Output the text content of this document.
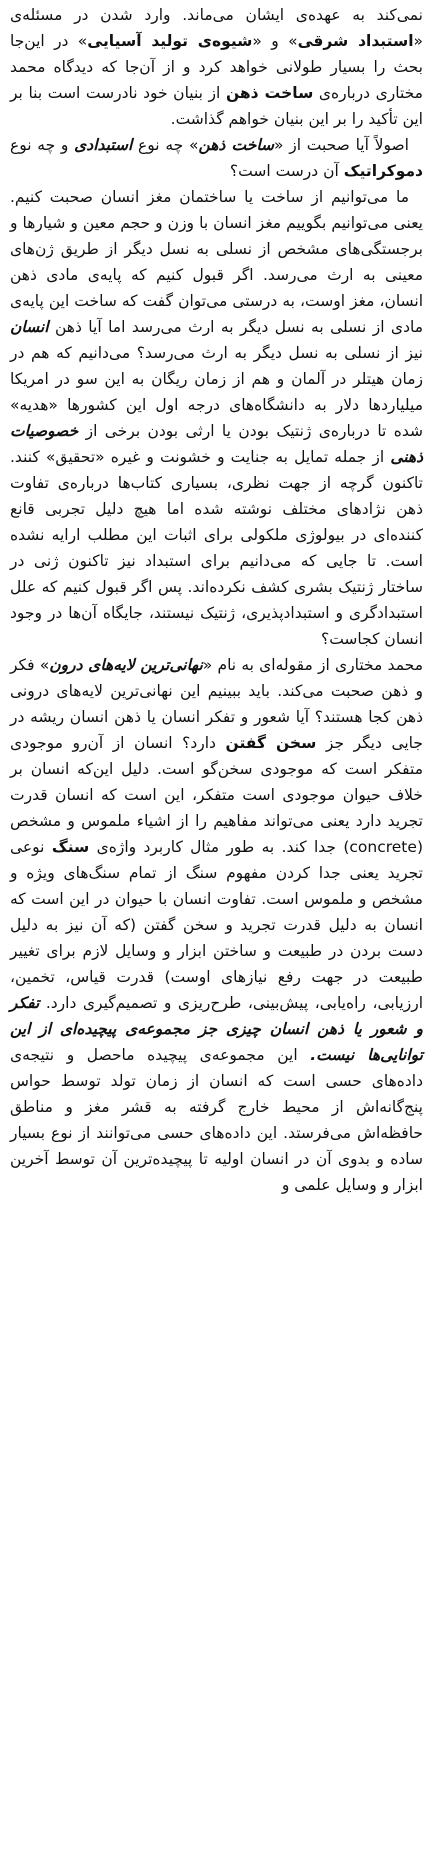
نمی‌کند به عهده‌ی ایشان می‌ماند. وارد شدن در مسئله‌ی «استبداد شرقی» و «شیوه‌ی تولید آسیایی» در این‌جا بحث را بسیار طولانی خواهد کرد و از آن‌جا که دیدگاه محمد مختاری درباره‌ی ساخت ذهن از بنیان خود نادرست است بنا بر این تأکید را بر این بنیان خواهم گذاشت.

اصولاً آیا صحبت از «ساخت ذهن» چه نوع استبدادی و چه نوع دموکراتیک آن درست است؟

ما می‌توانیم از ساخت یا ساختمان مغز انسان صحبت کنیم. یعنی می‌توانیم بگوییم مغز انسان با وزن و حجم معین و شیارها و برجستگی‌های مشخص از نسلی به نسل دیگر از طریق ژن‌های معینی به ارث می‌رسد. اگر قبول کنیم که پایه‌ی مادی ذهن انسان، مغز اوست، به درستی می‌توان گفت که ساخت این پایه‌ی مادی از نسلی به نسل دیگر به ارث می‌رسد اما آیا ذهن انسان نیز از نسلی به نسل دیگر به ارث می‌رسد؟ می‌دانیم که هم در زمان هیتلر در آلمان و هم از زمان ریگان به این سو در امریکا میلیاردها دلار به دانشگاه‌های درجه اول این کشورها «هدیه» شده تا درباره‌ی ژنتیک بودن یا ارثی بودن برخی از خصوصیات ذهنی از جمله تمایل به جنایت و خشونت و غیره «تحقیق» کنند. تاکنون گرچه از جهت نظری، بسیاری کتاب‌ها درباره‌ی تفاوت ذهن نژادهای مختلف نوشته شده اما هیچ دلیل تجربی قانع کننده‌ای در بیولوژی ملکولی برای اثبات این مطلب ارایه نشده است. تا جایی که می‌دانیم برای استبداد نیز تاکنون ژنی در ساختار ژنتیک بشری کشف نکرده‌اند. پس اگر قبول کنیم که علل استبدادگری و استبدادپذیری، ژنتیک نیستند، جایگاه آن‌ها در وجود انسان کجاست؟

محمد مختاری از مقوله‌ای به نام «نهانی‌ترین لایه‌های درون» فکر و ذهن صحبت می‌کند. باید ببینیم این نهانی‌ترین لایه‌های درونی ذهن کجا هستند؟ آیا شعور و تفکر انسان یا ذهن انسان ریشه در جایی دیگر جز سخن گفتن دارد؟ انسان از آن‌رو موجودی متفکر است که موجودی سخن‌گو است. دلیل این‌که انسان بر خلاف حیوان موجودی است متفکر، این است که انسان قدرت تجرید دارد یعنی می‌تواند مفاهیم را از اشیاء ملموس و مشخص (concrete) جدا کند. به طور مثال کاربرد واژه‌ی سنگ نوعی تجرید یعنی جدا کردن مفهوم سنگ از تمام سنگ‌های ویژه و مشخص و ملموس است. تفاوت انسان با حیوان در این است که انسان به دلیل قدرت تجرید و سخن گفتن (که آن نیز به دلیل دست بردن در طبیعت و ساختن ابزار و وسایل لازم برای تغییر طبیعت در جهت رفع نیازهای اوست) قدرت قیاس، تخمین، ارزیابی، راه‌یابی، پیش‌بینی، طرح‌ریزی و تصمیم‌گیری دارد. تفکر و شعور یا ذهن انسان چیزی جز مجموعه‌ی پیچیده‌ای از این توانایی‌ها نیست. این مجموعه‌ی پیچیده ماحصل و نتیجه‌ی داده‌های حسی است که انسان از زمان تولد توسط حواس پنج‌گانه‌اش از محیط خارج گرفته به قشر مغز و مناطق حافظه‌اش می‌فرستد. این داده‌های حسی می‌توانند از نوع بسیار ساده و بدوی آن در انسان اولیه تا پیچیده‌ترین آن توسط آخرین ابزار و وسایل علمی و
